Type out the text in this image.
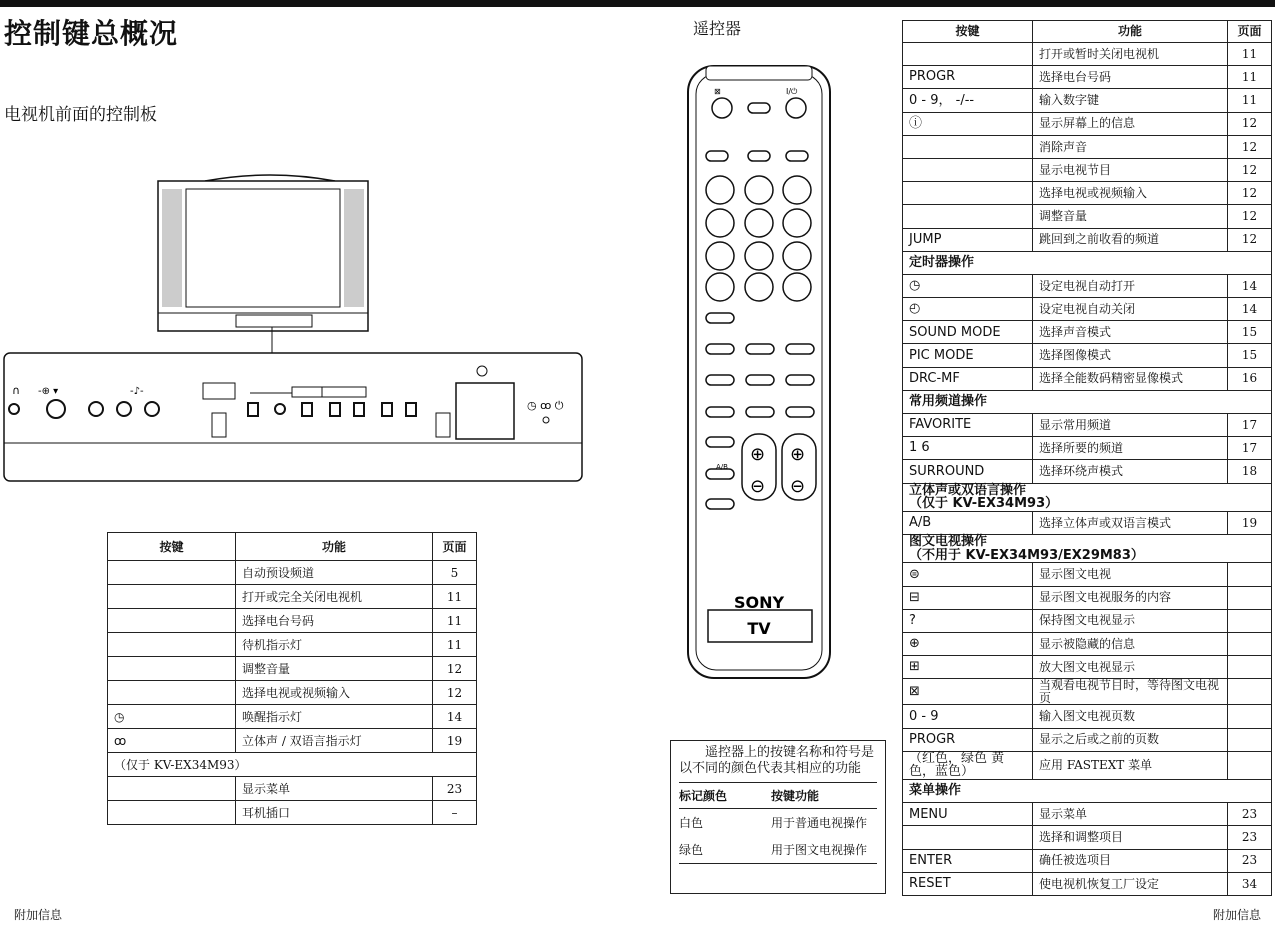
控制键总概况
电视机前面的控制板
遥控器
∩ -⊕ ▾	-♪-
◷ ꝏ ⏻
按键	功能	页面
	自动预设频道	5
	打开或完全关闭电视机	11
	选择电台号码	11
	待机指示灯	11
	调整音量	12
	选择电视或视频输入	12
◷	唤醒指示灯	14
ꝏ	立体声 / 双语言指示灯	19
（仅于 KV-EX34M93）		
	显示菜单	23
	耳机插口	–
⊠	I/⏻
A/B
⊕
⊖
⊕
⊖
SONY
TV

遥控器上的按键名称和符号是以不同的颜色代表其相应的功能

标记颜色	按键功能
白色	用于普通电视操作
绿色	用于图文电视操作
按键	功能	页面
	打开或暂时关闭电视机	11
PROGR	选择电台号码	11
0 - 9， -/--	输入数字键	11
ⓘ	显示屏幕上的信息	12
	消除声音	12
	显示电视节目	12
	选择电视或视频输入	12
	调整音量	12
JUMP	跳回到之前收看的频道	12

定时器操作		

◷	设定电视自动打开	14
◴	设定电视自动关闭	14
SOUND MODE	选择声音模式	15
PIC MODE	选择图像模式	15
DRC-MF	选择全能数码精密显像模式	16

常用频道操作		

FAVORITE	显示常用频道	17
1 6	选择所要的频道	17
SURROUND	选择环绕声模式	18

立体声或双语言操作
（仅于 KV-EX34M93）		

A/B	选择立体声或双语言模式	19

图文电视操作
（不用于 KV-EX34M93/EX29M83）		

⊜	显示图文电视	
⊟	显示图文电视服务的内容	
?	保持图文电视显示	
⊕	显示被隐藏的信息	
⊞	放大图文电视显示	
⊠	当观看电视节目时，等待图文电视页	
0 - 9	输入图文电视页数	
PROGR	显示之后或之前的页数	
（红色，绿色 黄色，蓝色）	应用 FASTEXT 菜单	

菜单操作		

MENU	显示菜单	23
	选择和调整项目	23
ENTER	确任被选项目	23
RESET	使电视机恢复工厂设定	34
附加信息	附加信息
